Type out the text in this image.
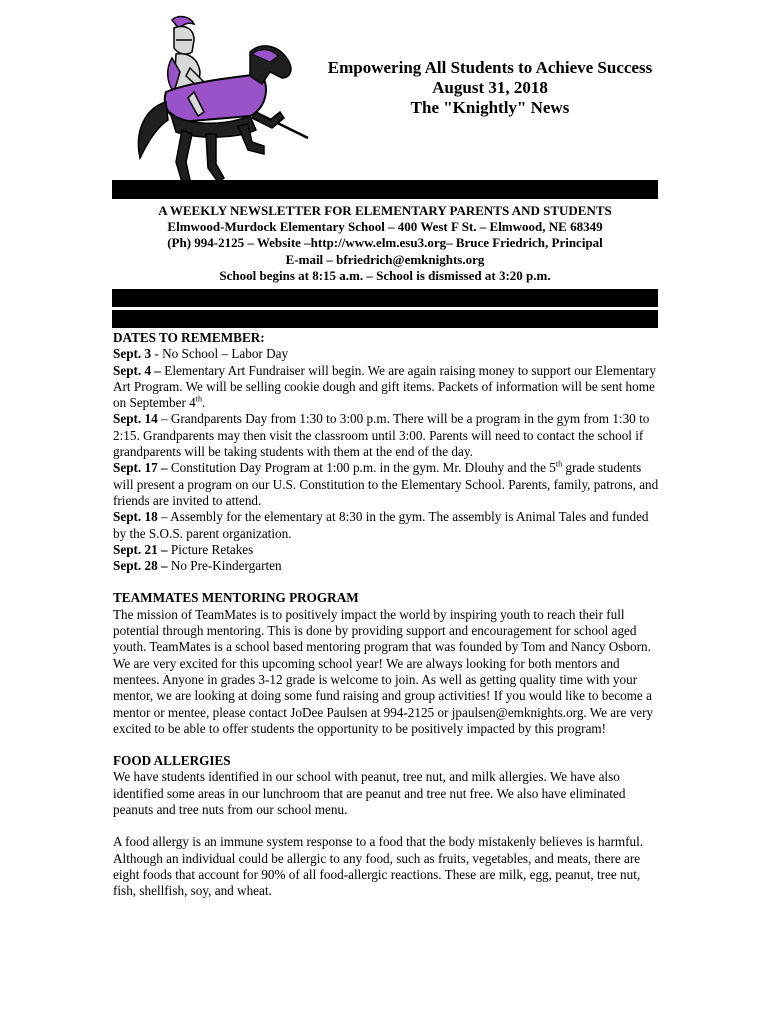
Empowering All Students to Achieve Success
August 31, 2018
The "Knightly" News
A WEEKLY NEWSLETTER FOR ELEMENTARY PARENTS AND STUDENTS
Elmwood-Murdock Elementary School – 400 West F St. – Elmwood, NE 68349
(Ph) 994-2125 – Website –http://www.elm.esu3.org– Bruce Friedrich, Principal
E-mail – bfriedrich@emknights.org
School begins at 8:15 a.m. – School is dismissed at 3:20 p.m.

DATES TO REMEMBER:

Sept. 3 - No School – Labor Day

Sept. 4 – Elementary Art Fundraiser will begin. We are again raising money to support our Elementary Art Program. We will be selling cookie dough and gift items. Packets of information will be sent home on September 4th.

Sept. 14 – Grandparents Day from 1:30 to 3:00 p.m. There will be a program in the gym from 1:30 to 2:15. Grandparents may then visit the classroom until 3:00. Parents will need to contact the school if grandparents will be taking students with them at the end of the day.

Sept. 17 – Constitution Day Program at 1:00 p.m. in the gym. Mr. Dlouhy and the 5th grade students will present a program on our U.S. Constitution to the Elementary School. Parents, family, patrons, and friends are invited to attend.

Sept. 18 – Assembly for the elementary at 8:30 in the gym. The assembly is Animal Tales and funded by the S.O.S. parent organization.

Sept. 21 – Picture Retakes

Sept. 28 – No Pre-Kindergarten

TEAMMATES MENTORING PROGRAM

The mission of TeamMates is to positively impact the world by inspiring youth to reach their full potential through mentoring. This is done by providing support and encouragement for school aged youth. TeamMates is a school based mentoring program that was founded by Tom and Nancy Osborn. We are very excited for this upcoming school year! We are always looking for both mentors and mentees. Anyone in grades 3-12 grade is welcome to join. As well as getting quality time with your mentor, we are looking at doing some fund raising and group activities! If you would like to become a mentor or mentee, please contact JoDee Paulsen at 994-2125 or jpaulsen@emknights.org. We are very excited to be able to offer students the opportunity to be positively impacted by this program!

FOOD ALLERGIES

We have students identified in our school with peanut, tree nut, and milk allergies. We have also identified some areas in our lunchroom that are peanut and tree nut free. We also have eliminated peanuts and tree nuts from our school menu.

A food allergy is an immune system response to a food that the body mistakenly believes is harmful. Although an individual could be allergic to any food, such as fruits, vegetables, and meats, there are eight foods that account for 90% of all food-allergic reactions. These are milk, egg, peanut, tree nut, fish, shellfish, soy, and wheat.
